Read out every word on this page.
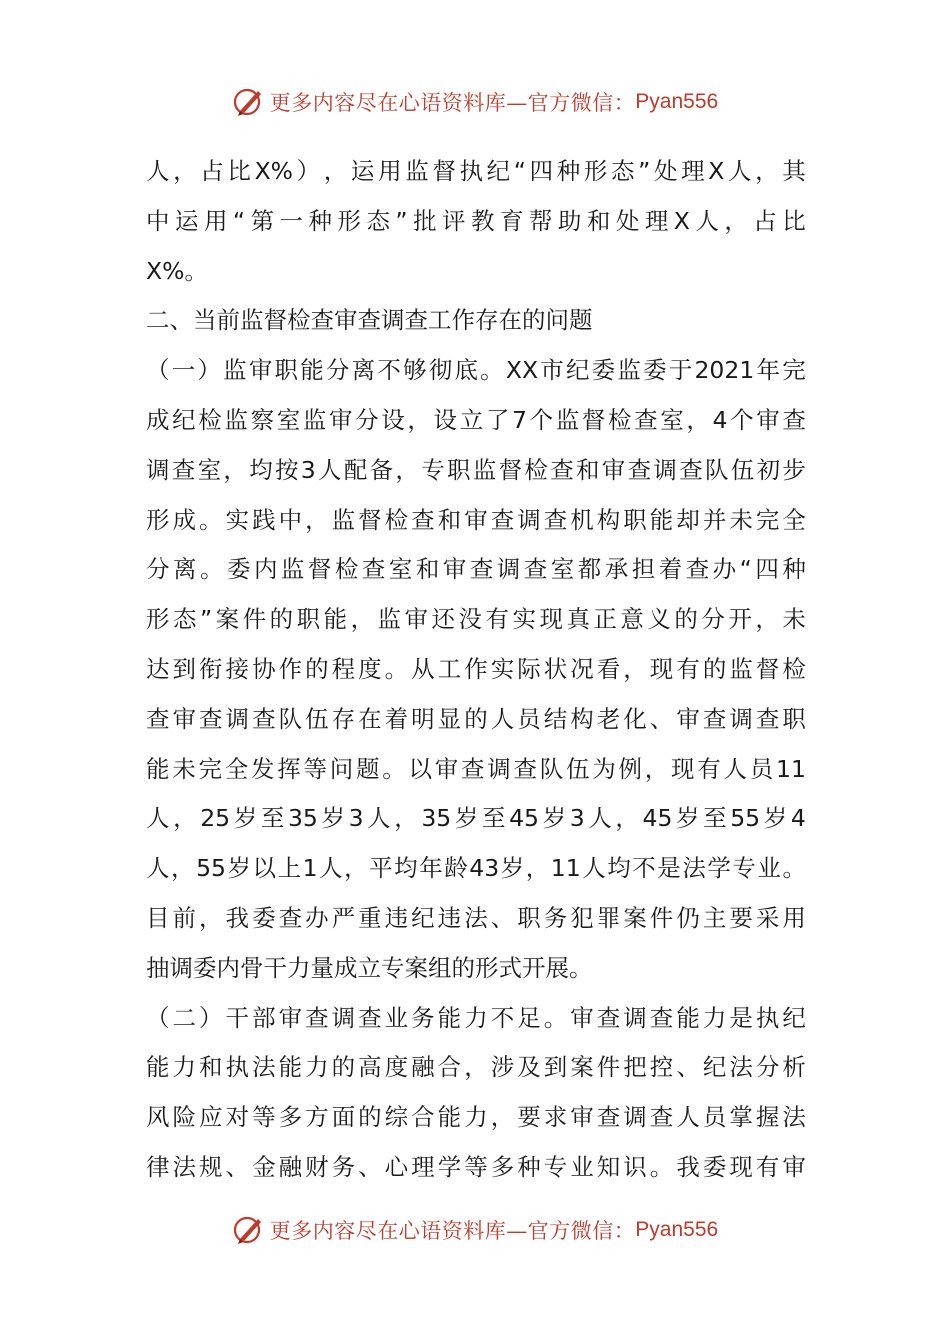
更多内容尽在心语资料库—官方微信： Pyan556
人 ， 占 比 X% ） ， 运 用 监 督 执 纪 “ 四 种 形 态 ” 处 理 X 人 ， 其
中 运 用 “ 第 一 种 形 态 ” 批 评 教 育 帮 助 和 处 理 X 人 ， 占 比
X%。
二、当前监督检查审查调查工作存在的问题
（ 一 ） 监 审 职 能 分 离 不 够 彻 底 。 XX 市 纪 委 监 委 于 2021 年 完
成 纪 检 监 察 室 监 审 分 设 ， 设 立 了 7 个 监 督 检 查 室 ， 4 个 审 查
调 查 室 ， 均 按 3 人 配 备 ， 专 职 监 督 检 查 和 审 查 调 查 队 伍 初 步
形 成 。 实 践 中 ， 监 督 检 查 和 审 查 调 查 机 构 职 能 却 并 未 完 全
分 离 。 委 内 监 督 检 查 室 和 审 查 调 查 室 都 承 担 着 查 办 “ 四 种
形 态 ” 案 件 的 职 能 ， 监 审 还 没 有 实 现 真 正 意 义 的 分 开 ， 未
达 到 衔 接 协 作 的 程 度 。 从 工 作 实 际 状 况 看 ， 现 有 的 监 督 检
查 审 查 调 查 队 伍 存 在 着 明 显 的 人 员 结 构 老 化 、 审 查 调 查 职
能 未 完 全 发 挥 等 问 题 。 以 审 查 调 查 队 伍 为 例 ， 现 有 人 员 11
人 ， 25 岁 至 35 岁 3 人 ， 35 岁 至 45 岁 3 人 ， 45 岁 至 55 岁 4
人 ， 55 岁 以 上 1 人 ， 平 均 年 龄 43 岁 ， 11 人 均 不 是 法 学 专 业 。
目 前 ， 我 委 查 办 严 重 违 纪 违 法 、 职 务 犯 罪 案 件 仍 主 要 采 用
抽调委内骨干力量成立专案组的形式开展。
（ 二 ） 干 部 审 查 调 查 业 务 能 力 不 足 。 审 查 调 查 能 力 是 执 纪
能 力 和 执 法 能 力 的 高 度 融 合 ， 涉 及 到 案 件 把 控 、 纪 法 分 析
风 险 应 对 等 多 方 面 的 综 合 能 力 ， 要 求 审 查 调 查 人 员 掌 握 法
律 法 规 、 金 融 财 务 、 心 理 学 等 多 种 专 业 知 识 。 我 委 现 有 审
更多内容尽在心语资料库—官方微信： Pyan556
